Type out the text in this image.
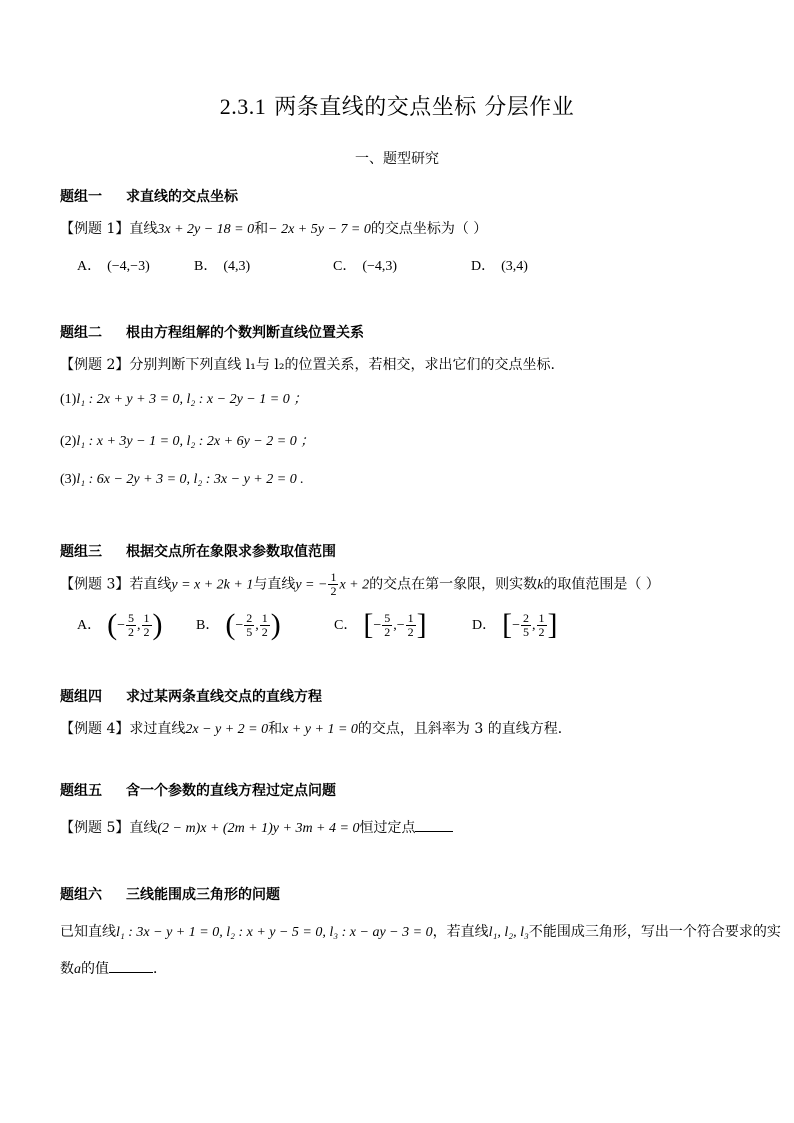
2.3.1 两条直线的交点坐标 分层作业
一、题型研究
题组一 求直线的交点坐标
【例题 1】直线3x + 2y − 18 = 0和− 2x + 5y − 7 = 0的交点坐标为（ ）
A． (−4,−3)	B． (4,3)	C． (−4,3)	D． (3,4)
题组二 根由方程组解的个数判断直线位置关系
【例题 2】分别判断下列直线 l₁与 l₂的位置关系，若相交，求出它们的交点坐标.
(1)l₁ : 2x + y + 3 = 0, l₂ : x − 2y − 1 = 0 ；
(2)l₁ : x + 3y − 1 = 0, l₂ : 2x + 6y − 2 = 0 ；
(3)l₁ : 6x − 2y + 3 = 0, l₂ : 3x − y + 2 = 0 .
题组三 根据交点所在象限求参数取值范围
【例题 3】若直线y = x + 2k + 1与直线y = − $\frac{1}{2}$ x + 2的交点在第一象限，则实数k的取值范围是（ ）
A． (− $\frac{5}{2}$ , $\frac{1}{2}$ ) B． (− $\frac{2}{5}$ , $\frac{1}{2}$ )	C． [− $\frac{5}{2}$ ,− $\frac{1}{2}$ ]	D． [− $\frac{2}{5}$ , $\frac{1}{2}$ ]
题组四 求过某两条直线交点的直线方程
【例题 4】求过直线2x − y + 2 = 0和x + y + 1 = 0的交点，且斜率为 3 的直线方程．
题组五 含一个参数的直线方程过定点问题
【例题 5】直线(2 − m)x + (2m + 1)y + 3m + 4 = 0恒过定点
题组六 三线能围成三角形的问题
已知直线l₁ : 3x − y + 1 = 0, l₂ : x + y − 5 = 0, l₃ : x − ay − 3 = 0，若直线l₁, l₂, l₃不能围成三角形，写出一个符合要求的实
数a的值	．
